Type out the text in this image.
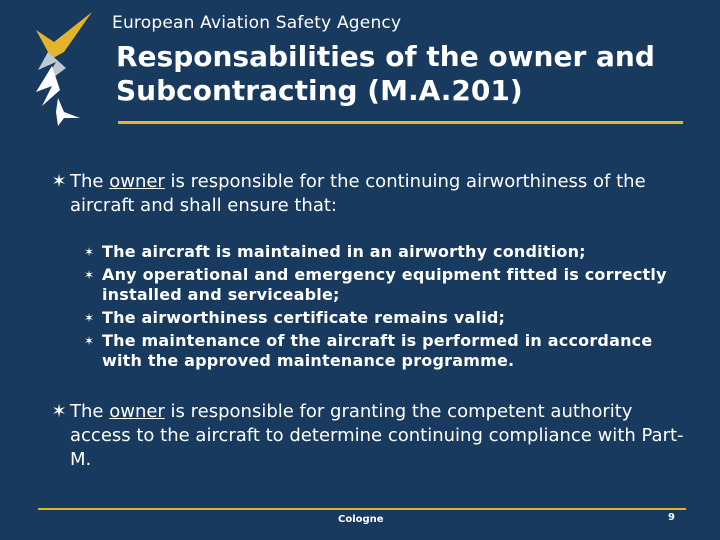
European Aviation Safety Agency
Responsabilities of the owner and Subcontracting (M.A.201)
✶ The owner is responsible for the continuing airworthiness of the aircraft and shall ensure that:
✶ The aircraft is maintained in an airworthy condition;
✶ Any operational and emergency equipment fitted is correctly installed and serviceable;
✶ The airworthiness certificate remains valid;
✶ The maintenance of the aircraft is performed in accordance with the approved maintenance programme.
✶ The owner is responsible for granting the competent authority access to the aircraft to determine continuing compliance with Part-M.
Cologne	9
